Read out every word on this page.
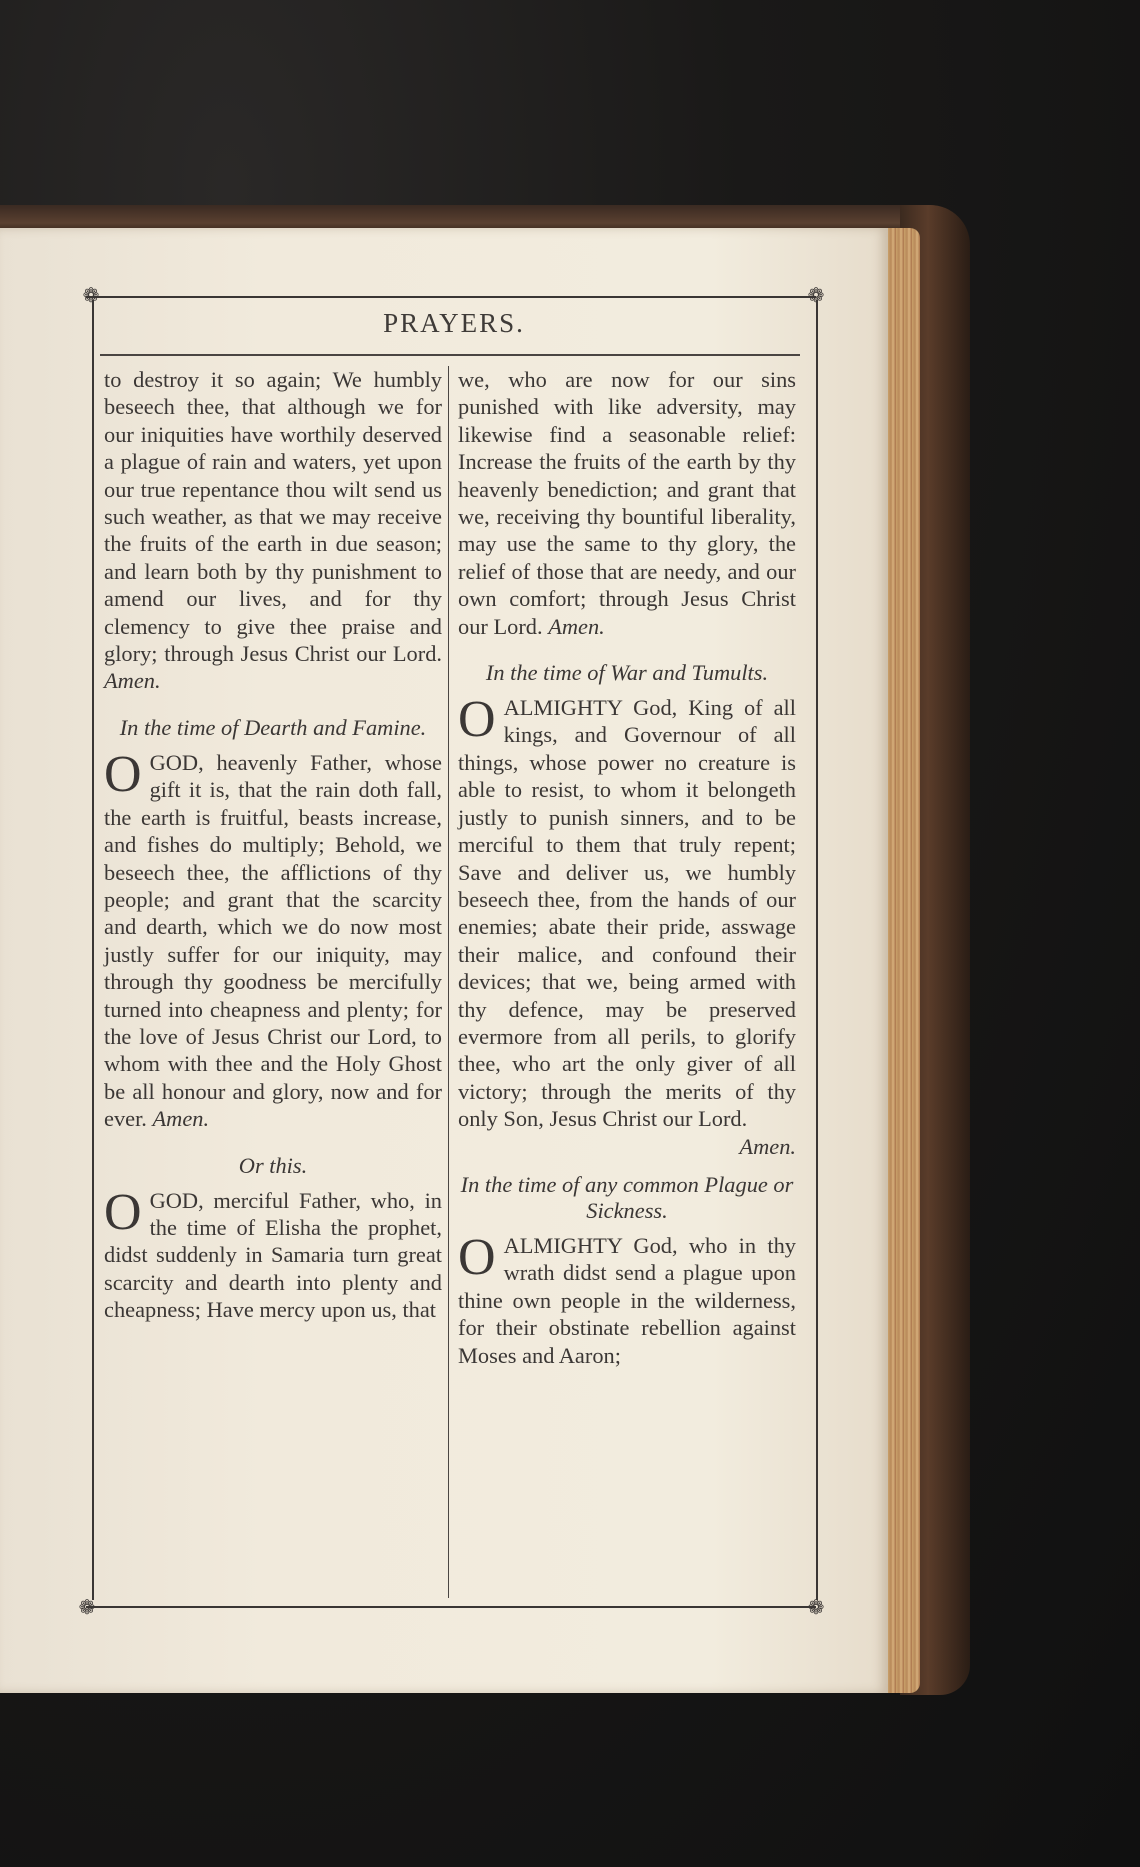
❁	❁
❁	❁
PRAYERS.

to destroy it so again; We humbly beseech thee, that although we for our iniquities have worthily deserved a plague of rain and waters, yet upon our true repentance thou wilt send us such weather, as that we may receive the fruits of the earth in due season; and learn both by thy punishment to amend our lives, and for thy clemency to give thee praise and glory; through Jesus Christ our Lord. Amen.

In the time of Dearth and Famine.

O GOD, heavenly Father, whose gift it is, that the rain doth fall, the earth is fruitful, beasts increase, and fishes do multiply; Behold, we beseech thee, the afflictions of thy people; and grant that the scarcity and dearth, which we do now most justly suffer for our iniquity, may through thy goodness be mercifully turned into cheapness and plenty; for the love of Jesus Christ our Lord, to whom with thee and the Holy Ghost be all honour and glory, now and for ever. Amen.

Or this.

O GOD, merciful Father, who, in the time of Elisha the prophet, didst suddenly in Samaria turn great scarcity and dearth into plenty and cheapness; Have mercy upon us, that

we, who are now for our sins punished with like adversity, may likewise find a seasonable relief: Increase the fruits of the earth by thy heavenly benediction; and grant that we, receiving thy bountiful liberality, may use the same to thy glory, the relief of those that are needy, and our own comfort; through Jesus Christ our Lord. Amen.

In the time of War and Tumults.

O ALMIGHTY God, King of all kings, and Governour of all things, whose power no creature is able to resist, to whom it belongeth justly to punish sinners, and to be merciful to them that truly repent; Save and deliver us, we humbly beseech thee, from the hands of our enemies; abate their pride, asswage their malice, and confound their devices; that we, being armed with thy defence, may be preserved evermore from all perils, to glorify thee, who art the only giver of all victory; through the merits of thy only Son, Jesus Christ our Lord.

Amen.

In the time of any common Plague or Sickness.

O ALMIGHTY God, who in thy wrath didst send a plague upon thine own people in the wilderness, for their obstinate rebellion against Moses and Aaron;
